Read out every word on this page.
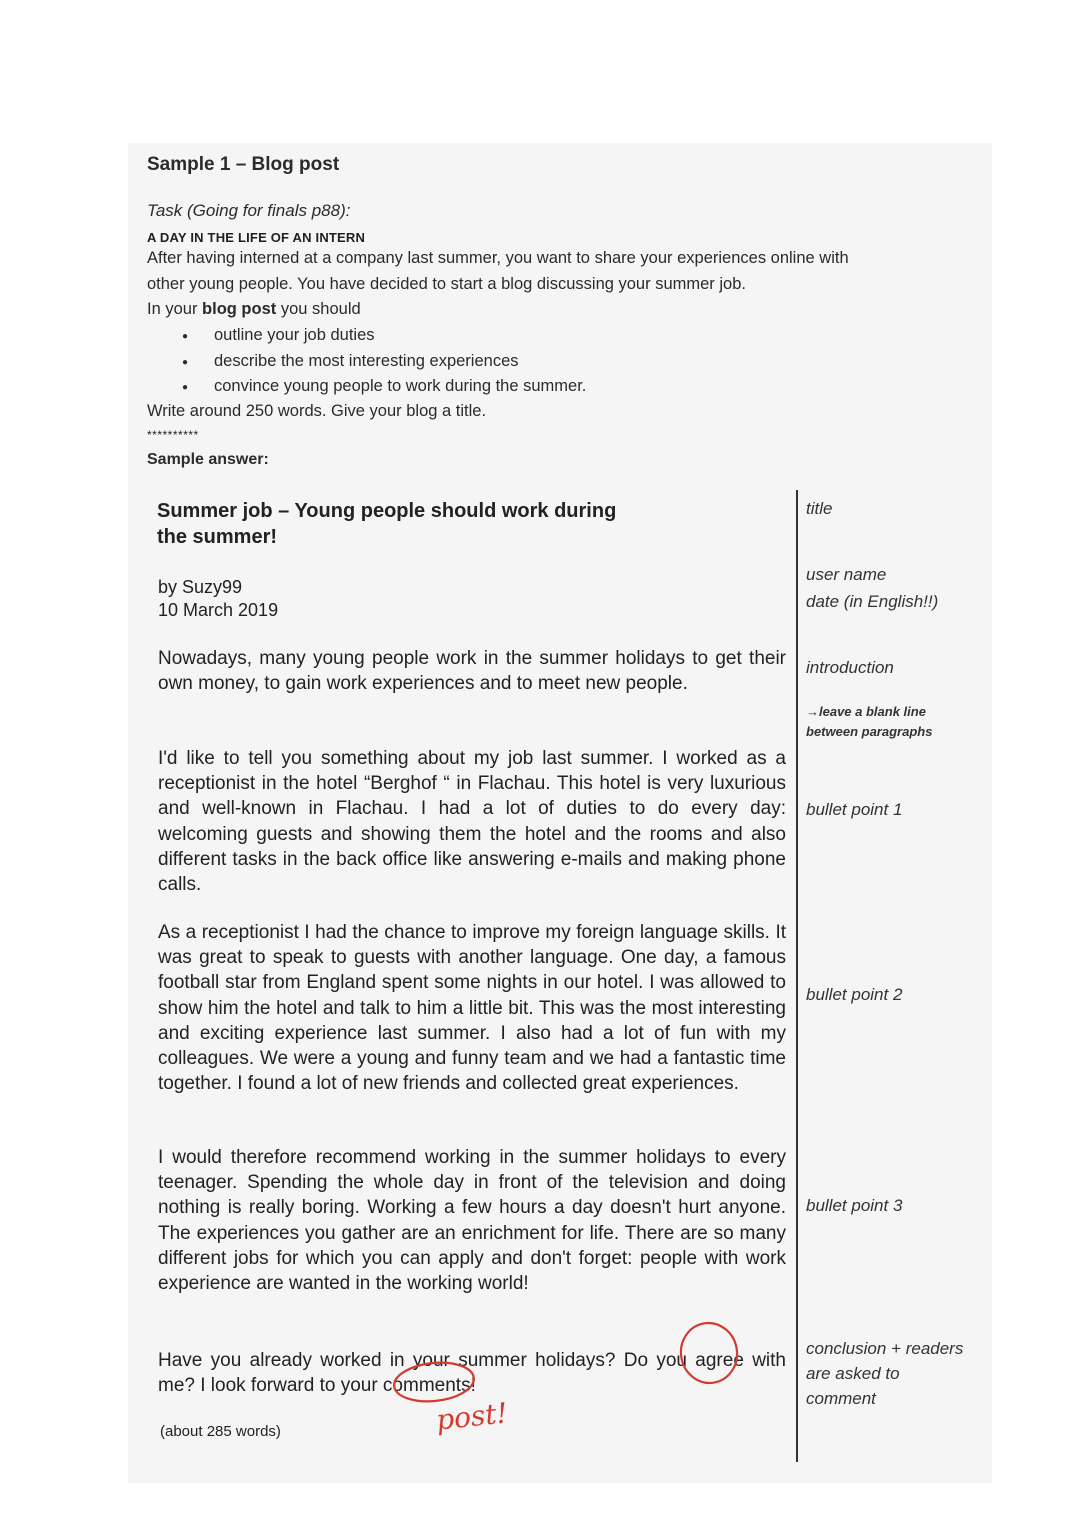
Sample 1 – Blog post
Task (Going for finals p88):
A DAY IN THE LIFE OF AN INTERN
After having interned at a company last summer, you want to share your experiences online with
other young people. You have decided to start a blog discussing your summer job.
In your blog post you should
● outline your job duties
● describe the most interesting experiences
● convince young people to work during the summer.
Write around 250 words. Give your blog a title.
**********
Sample answer:
Summer job – Young people should work during the summer!
by Suzy99
10 March 2019
Nowadays, many young people work in the summer holidays to get their own money, to gain work experiences and to meet new people.
I'd like to tell you something about my job last summer. I worked as a receptionist in the hotel “Berghof “ in Flachau. This hotel is very luxurious and well-known in Flachau. I had a lot of duties to do every day: welcoming guests and showing them the hotel and the rooms and also different tasks in the back office like answering e-mails and making phone calls.
As a receptionist I had the chance to improve my foreign language skills. It was great to speak to guests with another language. One day, a famous football star from England spent some nights in our hotel. I was allowed to show him the hotel and talk to him a little bit. This was the most interesting and exciting experience last summer. I also had a lot of fun with my colleagues. We were a young and funny team and we had a fantastic time together. I found a lot of new friends and collected great experiences.
I would therefore recommend working in the summer holidays to every teenager. Spending the whole day in front of the television and doing nothing is really boring. Working a few hours a day doesn't hurt anyone. The experiences you gather are an enrichment for life. There are so many different jobs for which you can apply and don't forget: people with work experience are wanted in the working world!
Have you already worked in your summer holidays? Do you agree with me? I look forward to your comments!
(about 285 words)
title
user name
date (in English!!)
introduction
→leave a blank line between paragraphs
bullet point 1
bullet point 2
bullet point 3
conclusion + readers are asked to comment
post!
